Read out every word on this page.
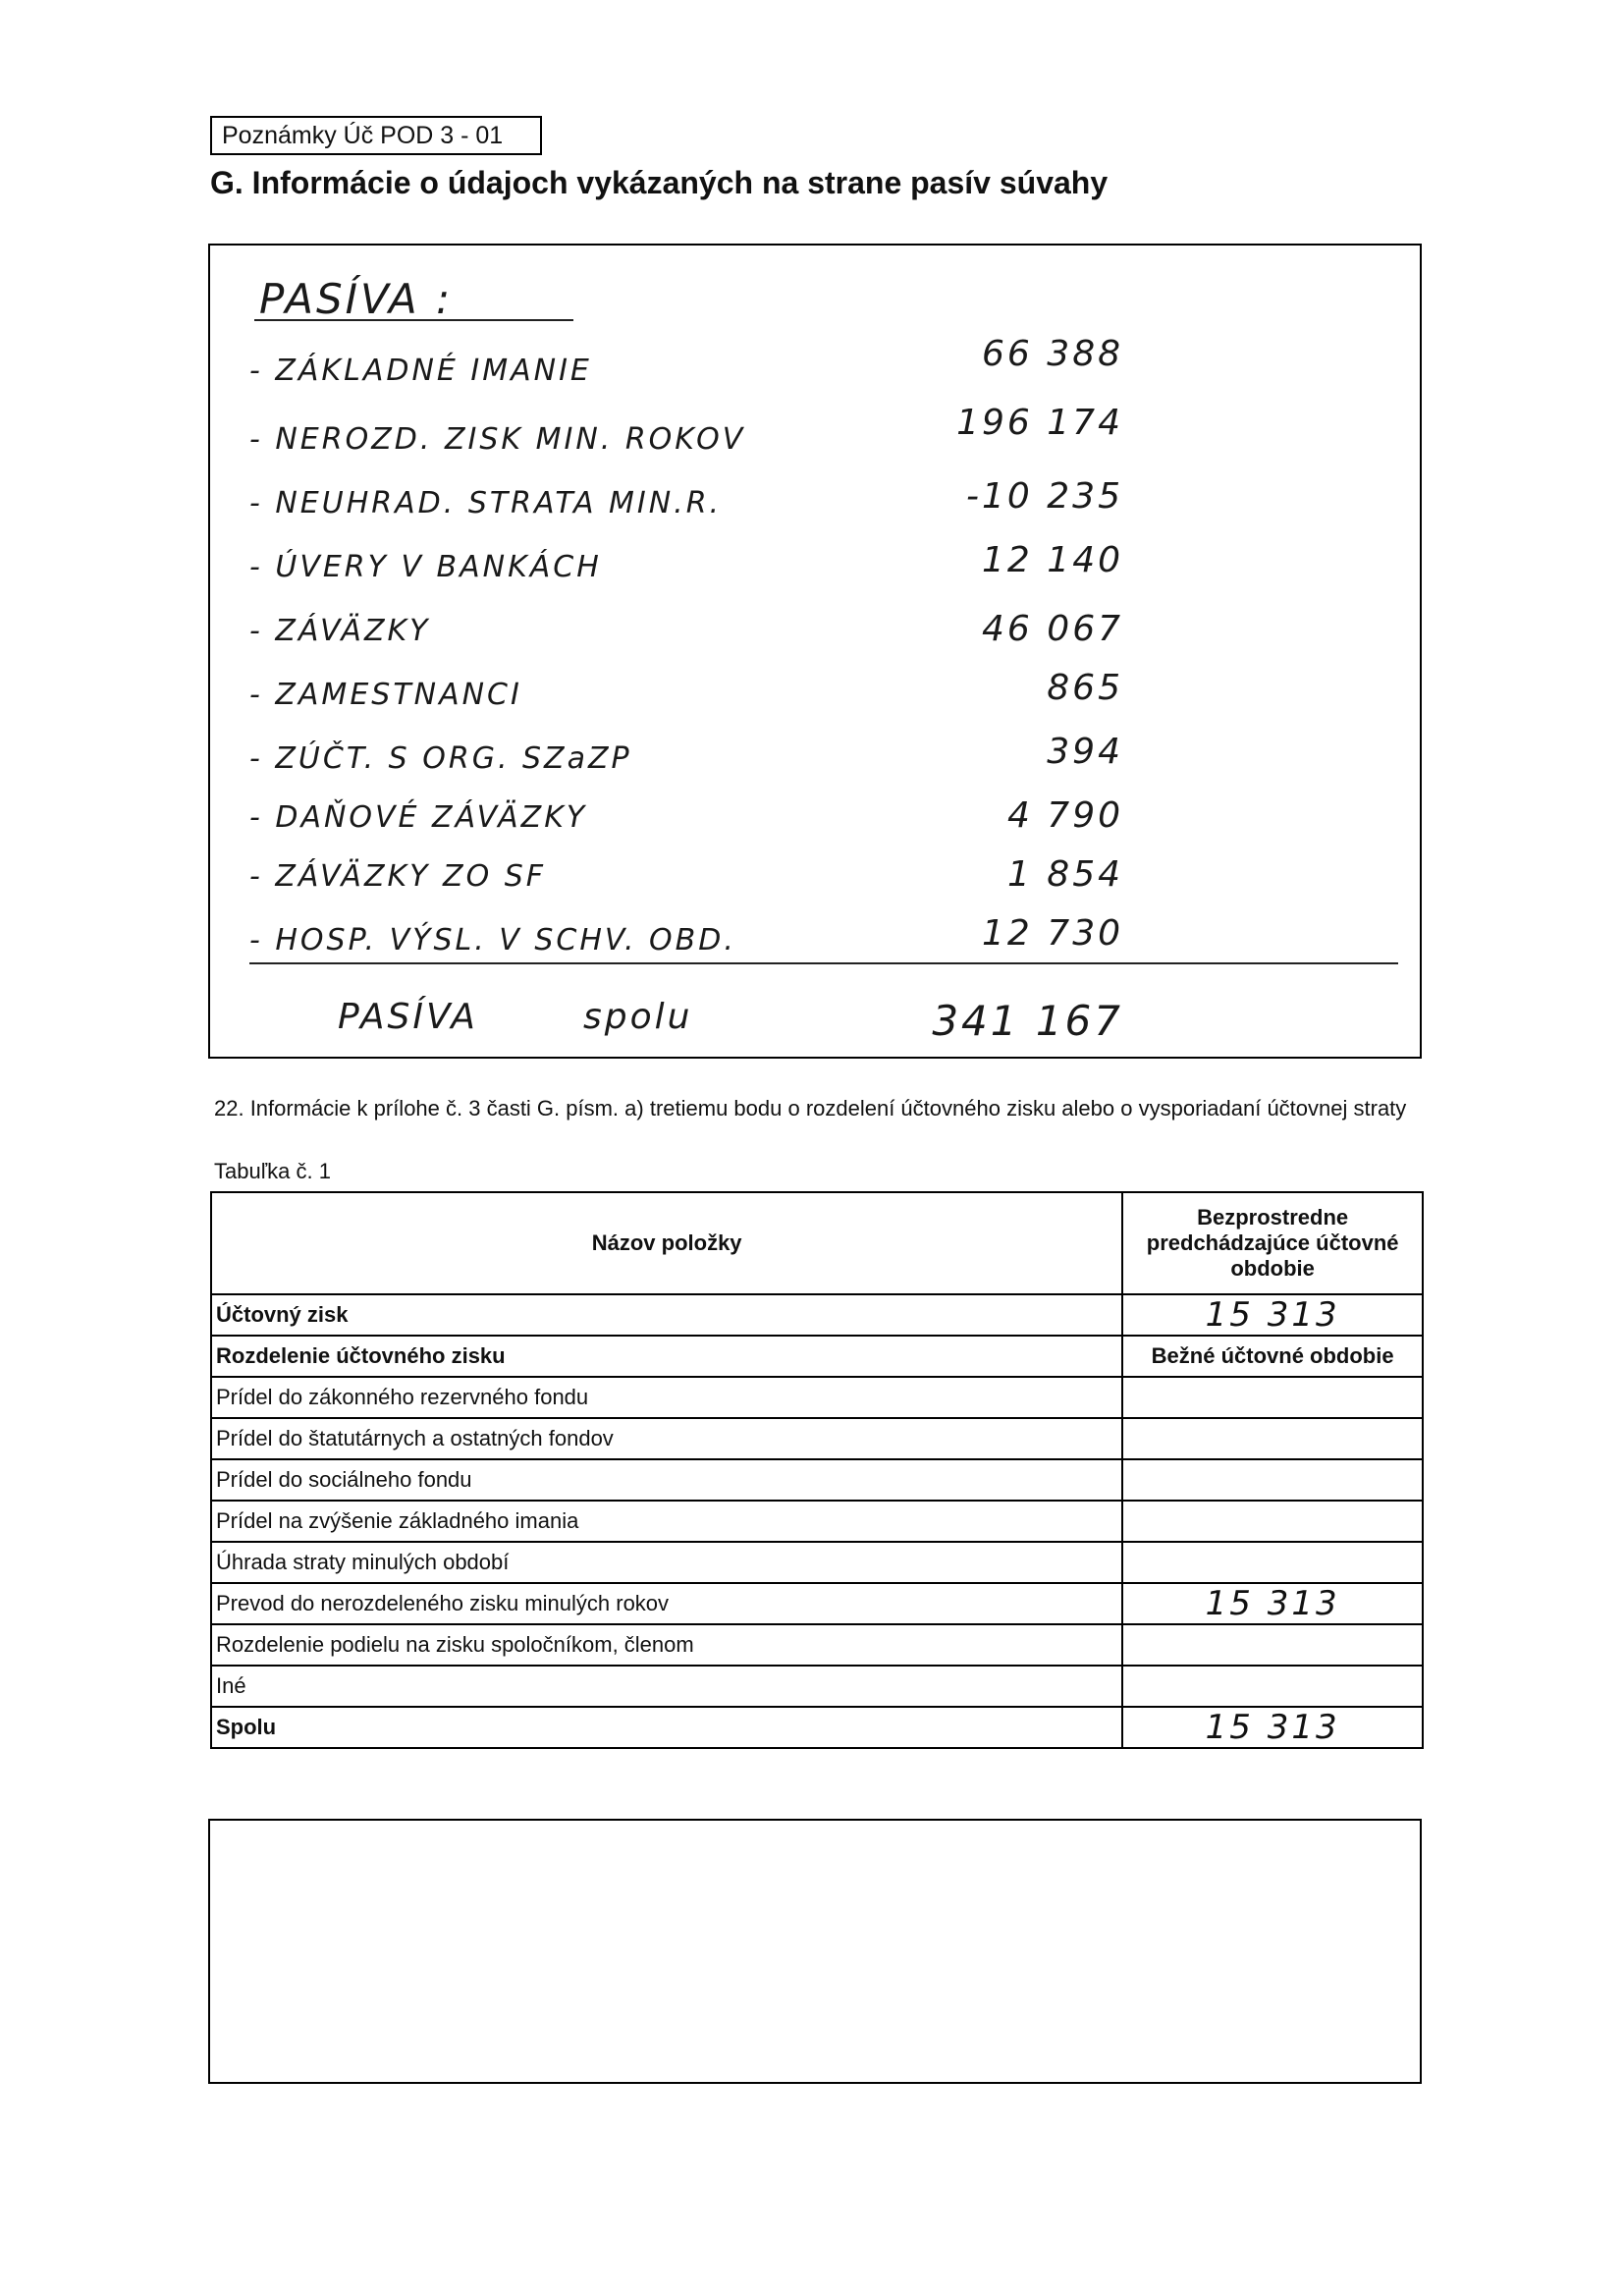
Poznámky Úč POD 3 - 01
G. Informácie o údajoch vykázaných na strane pasív súvahy
PASÍVA :
- ZÁKLADNÉ IMANIE	66 388
- NEROZD. ZISK MIN. ROKOV	196 174
- NEUHRAD. STRATA MIN.R.	-10 235
- ÚVERY V BANKÁCH	12 140
- ZÁVÄZKY	46 067
- ZAMESTNANCI	865
- ZÚČT. S ORG. SZaZP	394
- DAŇOVÉ ZÁVÄZKY	4 790
- ZÁVÄZKY ZO SF	1 854
- HOSP. VÝSL. V SCHV. OBD.	12 730
PASÍVA	spolu	341 167
22. Informácie k prílohe č. 3 časti G. písm. a) tretiemu bodu o rozdelení účtovného zisku alebo o vysporiadaní účtovnej straty
Tabuľka č. 1
Názov položky	Bezprostredne predchádzajúce účtovné obdobie
Účtovný zisk	15 313
Rozdelenie účtovného zisku	Bežné účtovné obdobie
Prídel do zákonného rezervného fondu	
Prídel do štatutárnych a ostatných fondov	
Prídel do sociálneho fondu	
Prídel na zvýšenie základného imania	
Úhrada straty minulých období	
Prevod do nerozdeleného zisku minulých rokov	15 313
Rozdelenie podielu na zisku spoločníkom, členom	
Iné	
Spolu	15 313
